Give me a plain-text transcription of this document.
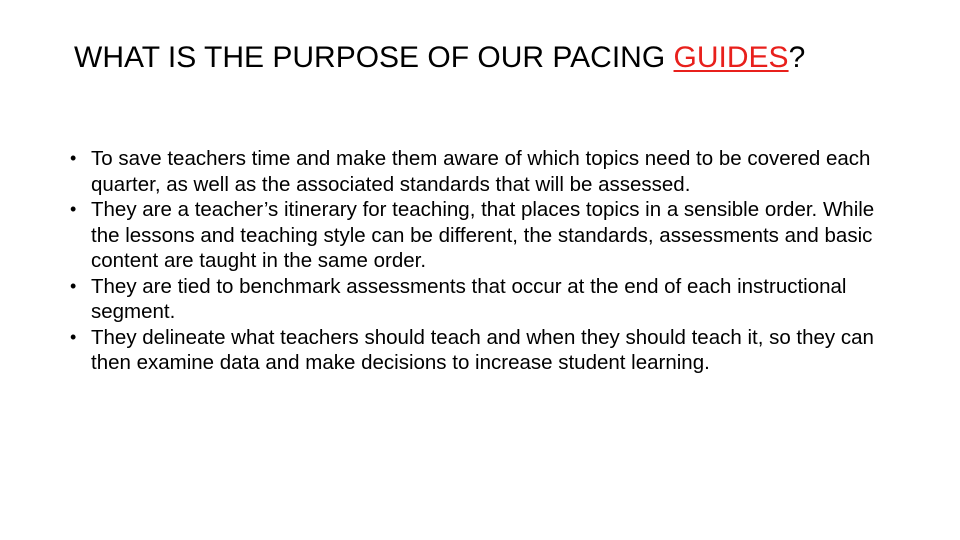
WHAT IS THE PURPOSE OF OUR PACING GUIDES?
• To save teachers time and make them aware of which topics need to be covered each quarter, as well as the associated standards that will be assessed.
• They are a teacher’s itinerary for teaching, that places topics in a sensible order. While the lessons and teaching style can be different, the standards, assessments and basic content are taught in the same order.
• They are tied to benchmark assessments that occur at the end of each instructional segment.
• They delineate what teachers should teach and when they should teach it, so they can then examine data and make decisions to increase student learning.
